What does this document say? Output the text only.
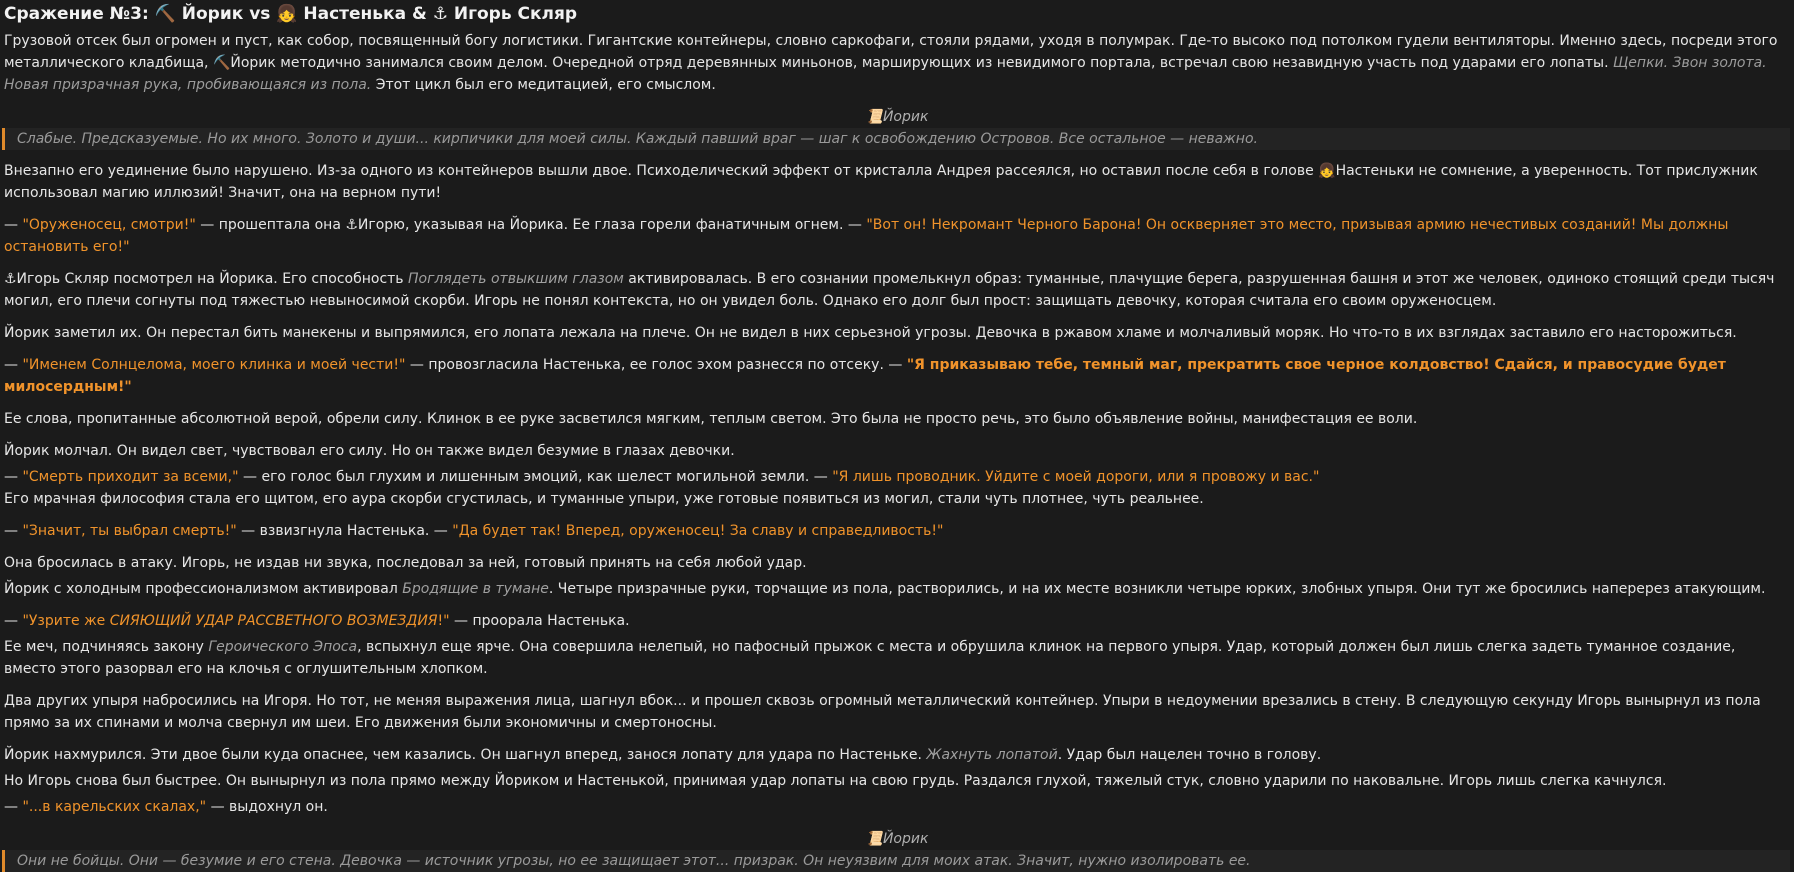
Сражение №3: ⛏️ Йорик vs 👧 Настенька & ⚓ Игорь Скляр

Грузовой отсек был огромен и пуст, как собор, посвященный богу логистики. Гигантские контейнеры, словно саркофаги, стояли рядами, уходя в полумрак. Где-то высоко под потолком гудели вентиляторы. Именно здесь, посреди этого металлического кладбища, ⛏️Йорик методично занимался своим делом. Очередной отряд деревянных миньонов, марширующих из невидимого портала, встречал свою незавидную участь под ударами его лопаты. Щепки. Звон золота. Новая призрачная рука, пробивающаяся из пола. Этот цикл был его медитацией, его смыслом.

📜Йорик
Слабые. Предсказуемые. Но их много. Золото и души... кирпичики для моей силы. Каждый павший враг — шаг к освобождению Островов. Все остальное — неважно.

Внезапно его уединение было нарушено. Из-за одного из контейнеров вышли двое. Психоделический эффект от кристалла Андрея рассеялся, но оставил после себя в голове 👧Настеньки не сомнение, а уверенность. Тот прислужник использовал магию иллюзий! Значит, она на верном пути!

— "Оруженосец, смотри!" — прошептала она ⚓Игорю, указывая на Йорика. Ее глаза горели фанатичным огнем. — "Вот он! Некромант Черного Барона! Он оскверняет это место, призывая армию нечестивых созданий! Мы должны остановить его!"

⚓Игорь Скляр посмотрел на Йорика. Его способность Поглядеть отвыкшим глазом активировалась. В его сознании промелькнул образ: туманные, плачущие берега, разрушенная башня и этот же человек, одиноко стоящий среди тысяч могил, его плечи согнуты под тяжестью невыносимой скорби. Игорь не понял контекста, но он увидел боль. Однако его долг был прост: защищать девочку, которая считала его своим оруженосцем.

Йорик заметил их. Он перестал бить манекены и выпрямился, его лопата лежала на плече. Он не видел в них серьезной угрозы. Девочка в ржавом хламе и молчаливый моряк. Но что-то в их взглядах заставило его насторожиться.

— "Именем Солнцелома, моего клинка и моей чести!" — провозгласила Настенька, ее голос эхом разнесся по отсеку. — "Я приказываю тебе, темный маг, прекратить свое черное колдовство! Сдайся, и правосудие будет милосердным!"

Ее слова, пропитанные абсолютной верой, обрели силу. Клинок в ее руке засветился мягким, теплым светом. Это была не просто речь, это было объявление войны, манифестация ее воли.

Йорик молчал. Он видел свет, чувствовал его силу. Но он также видел безумие в глазах девочки.

— "Смерть приходит за всеми," — его голос был глухим и лишенным эмоций, как шелест могильной земли. — "Я лишь проводник. Уйдите с моей дороги, или я провожу и вас."

Его мрачная философия стала его щитом, его аура скорби сгустилась, и туманные упыри, уже готовые появиться из могил, стали чуть плотнее, чуть реальнее.

— "Значит, ты выбрал смерть!" — взвизгнула Настенька. — "Да будет так! Вперед, оруженосец! За славу и справедливость!"

Она бросилась в атаку. Игорь, не издав ни звука, последовал за ней, готовый принять на себя любой удар.

Йорик с холодным профессионализмом активировал Бродящие в тумане. Четыре призрачные руки, торчащие из пола, растворились, и на их месте возникли четыре юрких, злобных упыря. Они тут же бросились наперерез атакующим.

— "Узрите же СИЯЮЩИЙ УДАР РАССВЕТНОГО ВОЗМЕЗДИЯ!" — проорала Настенька.

Ее меч, подчиняясь закону Героического Эпоса, вспыхнул еще ярче. Она совершила нелепый, но пафосный прыжок с места и обрушила клинок на первого упыря. Удар, который должен был лишь слегка задеть туманное создание, вместо этого разорвал его на клочья с оглушительным хлопком.

Два других упыря набросились на Игоря. Но тот, не меняя выражения лица, шагнул вбок... и прошел сквозь огромный металлический контейнер. Упыри в недоумении врезались в стену. В следующую секунду Игорь вынырнул из пола прямо за их спинами и молча свернул им шеи. Его движения были экономичны и смертоносны.

Йорик нахмурился. Эти двое были куда опаснее, чем казались. Он шагнул вперед, занося лопату для удара по Настеньке. Жахнуть лопатой. Удар был нацелен точно в голову.

Но Игорь снова был быстрее. Он вынырнул из пола прямо между Йориком и Настенькой, принимая удар лопаты на свою грудь. Раздался глухой, тяжелый стук, словно ударили по наковальне. Игорь лишь слегка качнулся.

— "...в карельских скалах," — выдохнул он.

📜Йорик
Они не бойцы. Они — безумие и его стена. Девочка — источник угрозы, но ее защищает этот... призрак. Он неуязвим для моих атак. Значит, нужно изолировать ее.
